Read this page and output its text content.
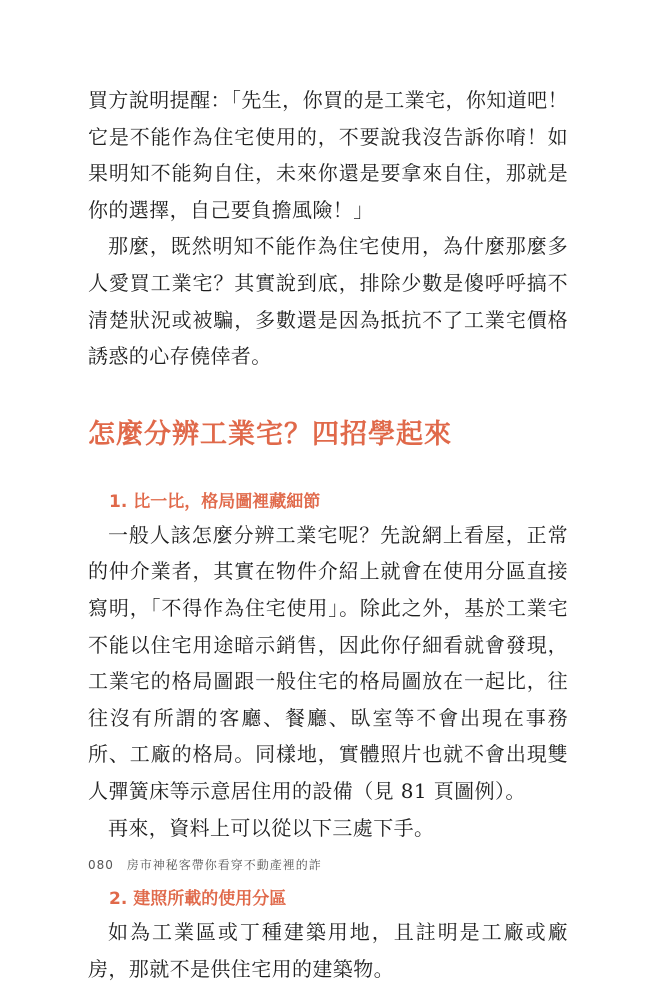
買方說明提醒：「先生，你買的是工業宅，你知道吧！它是不能作為住宅使用的，不要說我沒告訴你唷！如果明知不能夠自住，未來你還是要拿來自住，那就是你的選擇，自己要負擔風險！」

那麼，既然明知不能作為住宅使用，為什麼那麼多人愛買工業宅？其實說到底，排除少數是傻呼呼搞不清楚狀況或被騙，多數還是因為抵抗不了工業宅價格誘惑的心存僥倖者。

怎麼分辨工業宅？四招學起來
1. 比一比，格局圖裡藏細節

一般人該怎麼分辨工業宅呢？先說網上看屋，正常的仲介業者，其實在物件介紹上就會在使用分區直接寫明，「不得作為住宅使用」。除此之外，基於工業宅不能以住宅用途暗示銷售，因此你仔細看就會發現，工業宅的格局圖跟一般住宅的格局圖放在一起比，往往沒有所謂的客廳、餐廳、臥室等不會出現在事務所、工廠的格局。同樣地，實體照片也就不會出現雙人彈簧床等示意居住用的設備（見 81 頁圖例）。

再來，資料上可以從以下三處下手。

2. 建照所載的使用分區

如為工業區或丁種建築用地，且註明是工廠或廠房，那就不是供住宅用的建築物。

080 房市神秘客帶你看穿不動產裡的詐
